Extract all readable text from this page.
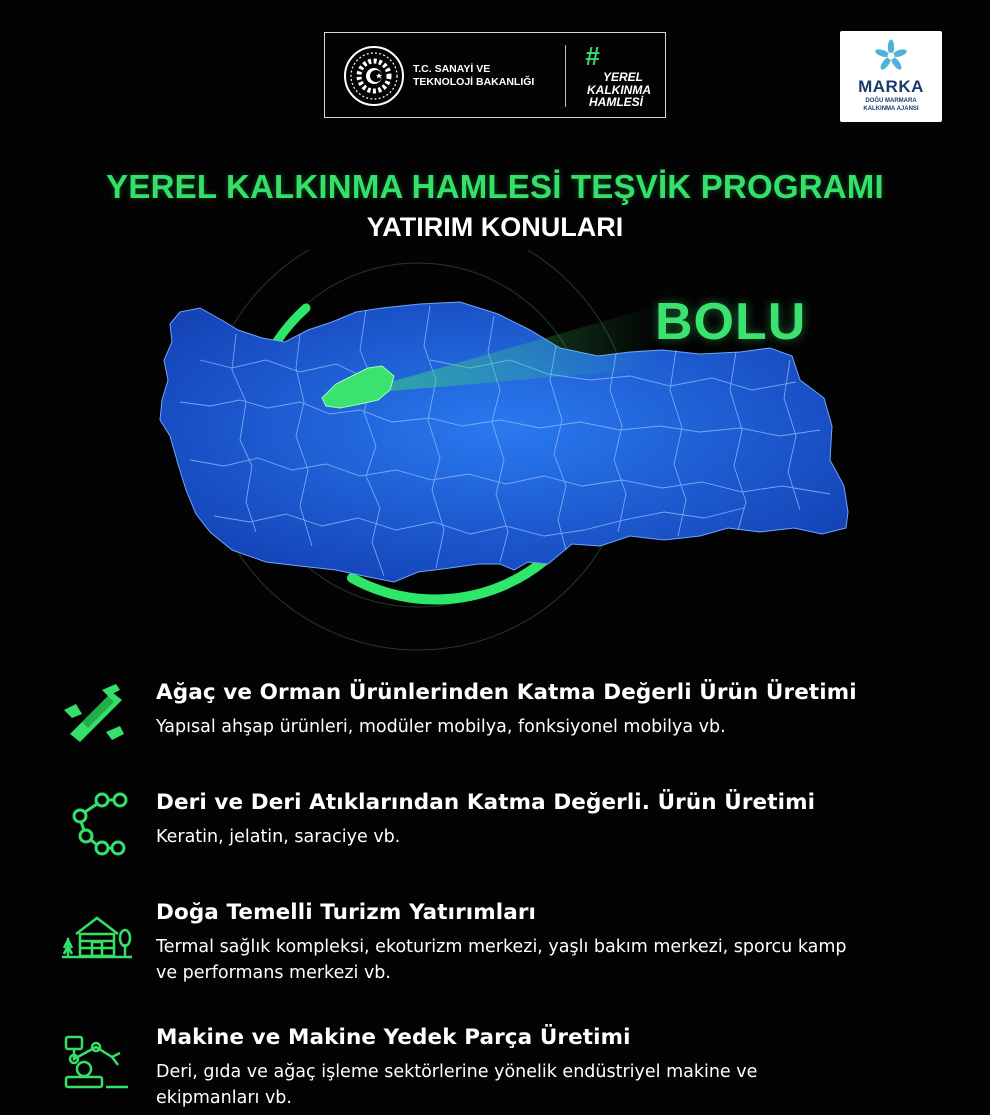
T.C. SANAYİ VE
TEKNOLOJİ BAKANLIĞI
#
YEREL
KALKINMA
HAMLESİ
MARKA
DOĞU MARMARA
KALKINMA AJANSI
YEREL KALKINMA HAMLESİ TEŞVİK PROGRAMI
YATIRIM KONULARI
BOLU
Ağaç ve Orman Ürünlerinden Katma Değerli Ürün Üretimi
Yapısal ahşap ürünleri, modüler mobilya, fonksiyonel mobilya vb.
Deri ve Deri Atıklarından Katma Değerli. Ürün Üretimi
Keratin, jelatin, saraciye vb.
Doğa Temelli Turizm Yatırımları
Termal sağlık kompleksi, ekoturizm merkezi, yaşlı bakım merkezi, sporcu kamp ve performans merkezi vb.
Makine ve Makine Yedek Parça Üretimi
Deri, gıda ve ağaç işleme sektörlerine yönelik endüstriyel makine ve ekipmanları vb.
